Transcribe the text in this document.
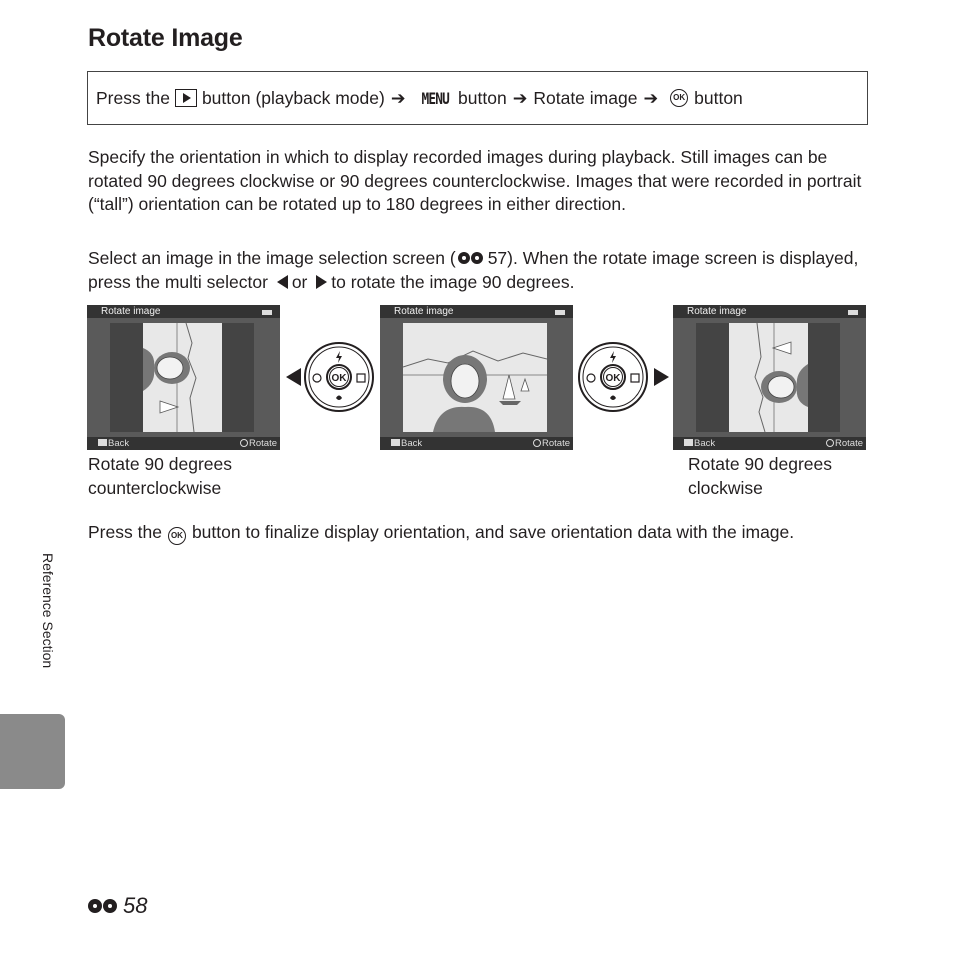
Rotate Image
Press the button (playback mode) ➔ MENU button ➔ Rotate image ➔	OK button
Specify the orientation in which to display recorded images during playback. Still images can be rotated 90 degrees clockwise or 90 degrees counterclockwise. Images that were recorded in portrait (“tall”) orientation can be rotated up to 180 degrees in either direction.
Select an image in the image selection screen ( 57). When the rotate image screen is displayed, press the multi selector or to rotate the image 90 degrees.
Rotate image
Back	Rotate
OK
Rotate image
Back	Rotate
OK
Rotate image
Back	Rotate
Rotate 90 degrees counterclockwise
Rotate 90 degrees clockwise
Press the OK button to finalize display orientation, and save orientation data with the image.
Reference Section
58
